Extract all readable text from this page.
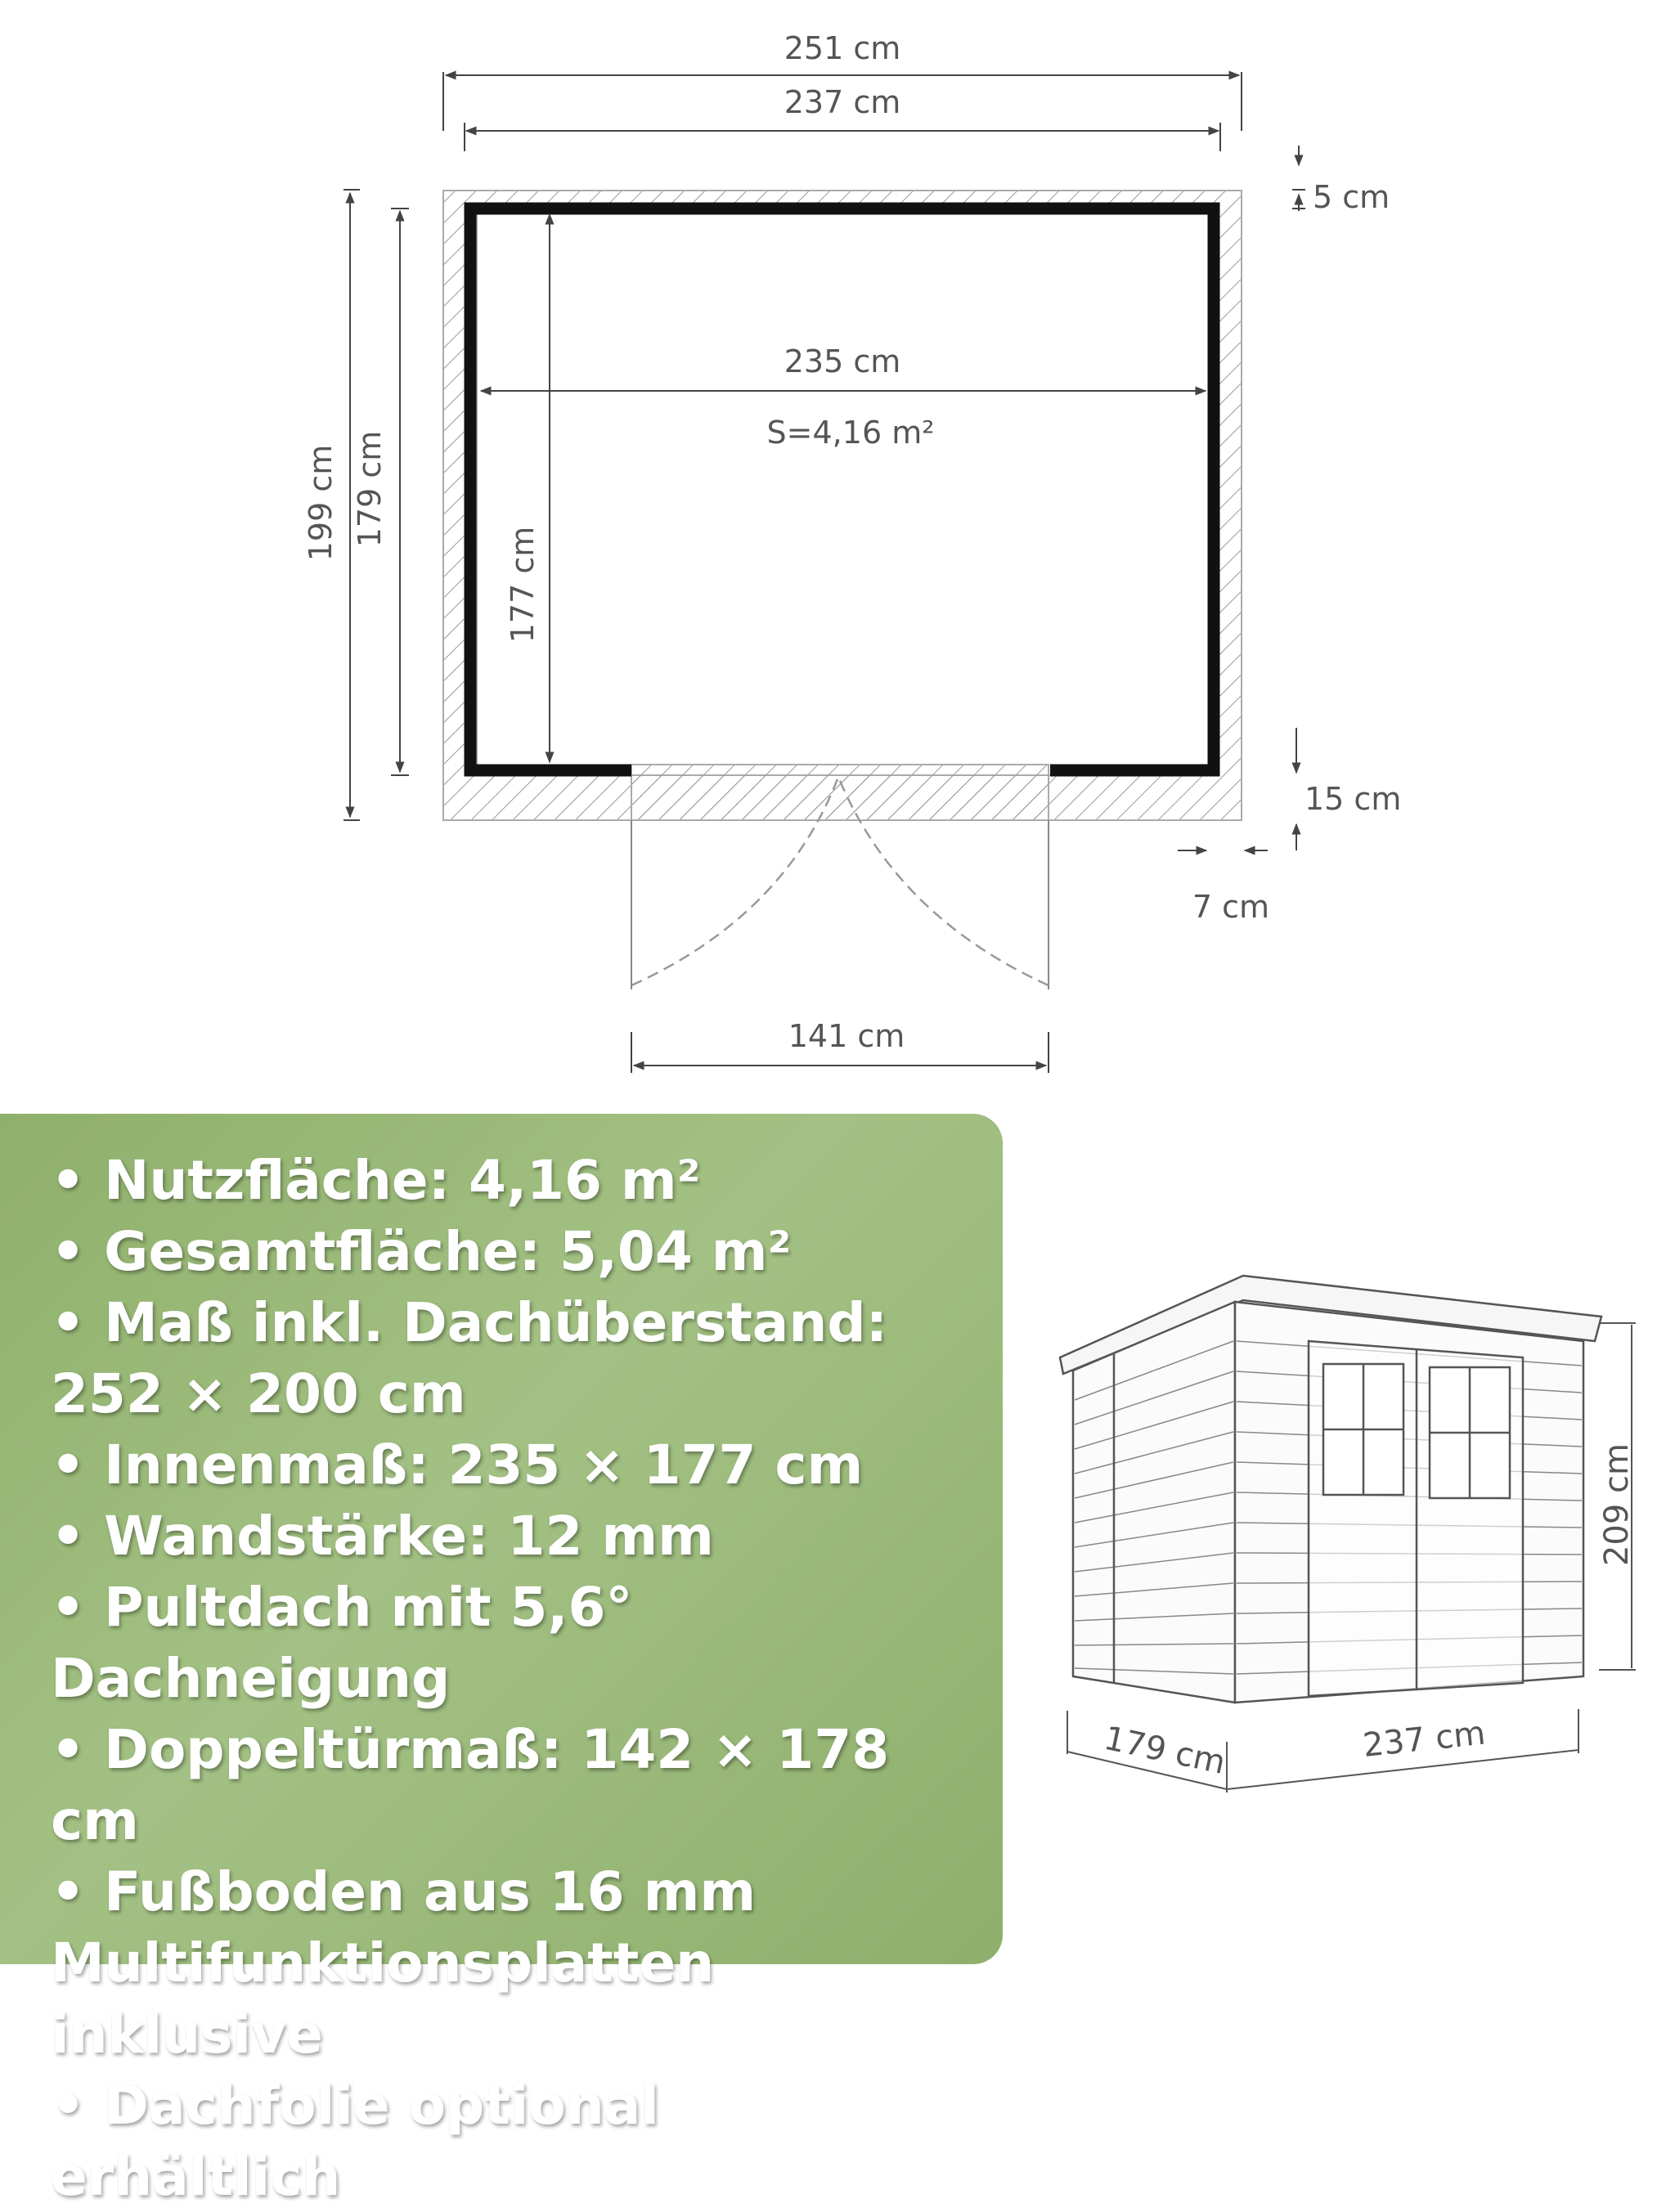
251 cm
237 cm
235 cm
S=4,16 m²
177 cm
199 cm 179 cm
5 cm
15 cm
7 cm
141 cm

• Nutzfläche: 4,16 m²

• Gesamtfläche: 5,04 m²

• Maß inkl. Dachüberstand: 252 × 200 cm

• Innenmaß: 235 × 177 cm

• Wandstärke: 12 mm

• Pultdach mit 5,6° Dachneigung

• Doppeltürmaß: 142 × 178 cm

• Fußboden aus 16 mm Multifunktionsplatten inklusive

• Dachfolie optional erhältlich

209 cm
179 cm	237 cm
